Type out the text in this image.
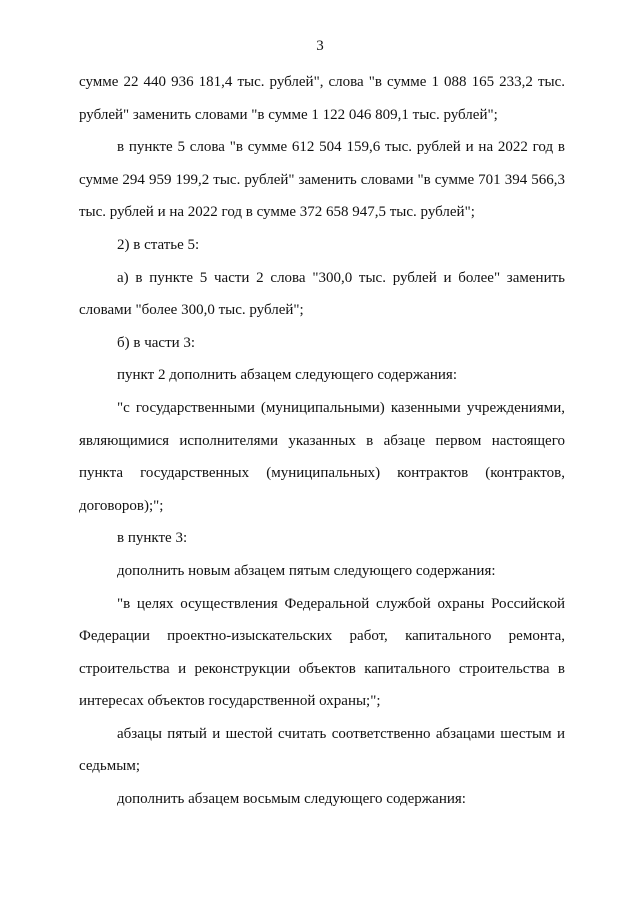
3

сумме 22 440 936 181,4 тыс. рублей", слова "в сумме 1 088 165 233,2 тыс. рублей" заменить словами "в сумме 1 122 046 809,1 тыс. рублей";

в пункте 5 слова "в сумме 612 504 159,6 тыс. рублей и на 2022 год в сумме 294 959 199,2 тыс. рублей" заменить словами "в сумме 701 394 566,3 тыс. рублей и на 2022 год в сумме 372 658 947,5 тыс. рублей";

2) в статье 5:

а) в пункте 5 части 2 слова "300,0 тыс. рублей и более" заменить словами "более 300,0 тыс. рублей";

б) в части 3:

пункт 2 дополнить абзацем следующего содержания:

"с государственными (муниципальными) казенными учреждениями, являющимися исполнителями указанных в абзаце первом настоящего пункта государственных (муниципальных) контрактов (контрактов, договоров);";

в пункте 3:

дополнить новым абзацем пятым следующего содержания:

"в целях осуществления Федеральной службой охраны Российской Федерации проектно-изыскательских работ, капитального ремонта, строительства и реконструкции объектов капитального строительства в интересах объектов государственной охраны;";

абзацы пятый и шестой считать соответственно абзацами шестым и седьмым;

дополнить абзацем восьмым следующего содержания:
